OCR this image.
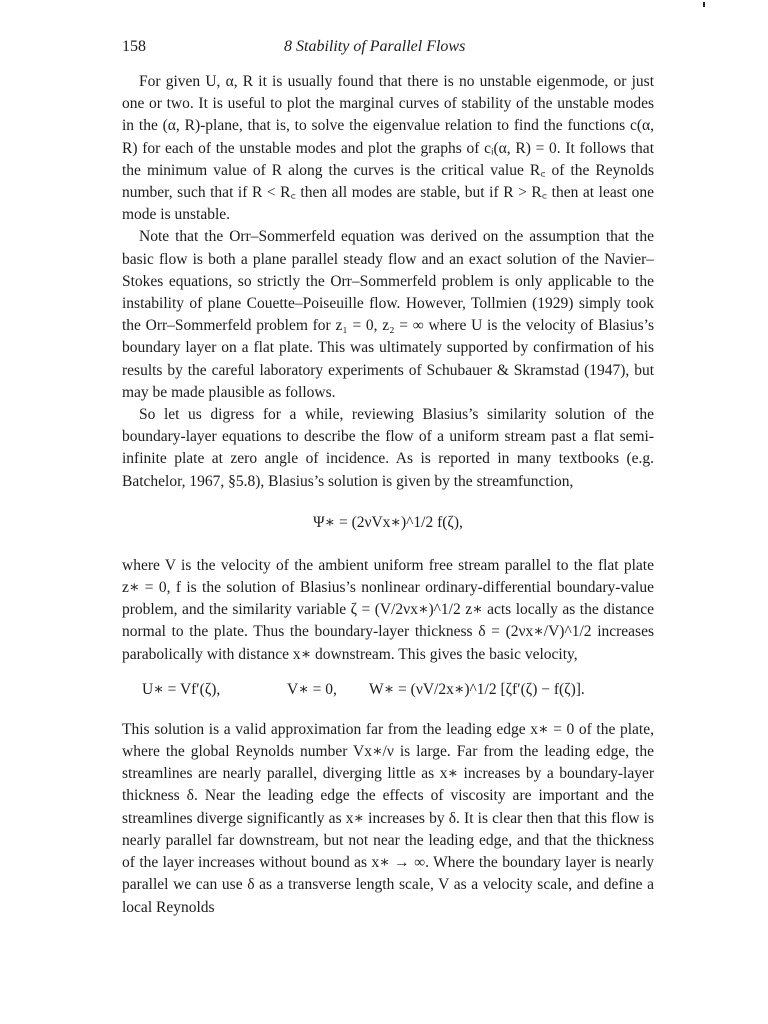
158	8 Stability of Parallel Flows

For given U, α, R it is usually found that there is no unstable eigenmode, or just one or two. It is useful to plot the marginal curves of stability of the unstable modes in the (α, R)-plane, that is, to solve the eigenvalue relation to find the functions c(α, R) for each of the unstable modes and plot the graphs of cᵢ(α, R) = 0. It follows that the minimum value of R along the curves is the critical value R꜀ of the Reynolds number, such that if R < R꜀ then all modes are stable, but if R > R꜀ then at least one mode is unstable.

Note that the Orr–Sommerfeld equation was derived on the assumption that the basic flow is both a plane parallel steady flow and an exact solution of the Navier–Stokes equations, so strictly the Orr–Sommerfeld problem is only applicable to the instability of plane Couette–Poiseuille flow. However, Tollmien (1929) simply took the Orr–Sommerfeld problem for z₁ = 0, z₂ = ∞ where U is the velocity of Blasius’s boundary layer on a flat plate. This was ultimately supported by confirmation of his results by the careful laboratory experiments of Schubauer & Skramstad (1947), but may be made plausible as follows.

So let us digress for a while, reviewing Blasius’s similarity solution of the boundary-layer equations to describe the flow of a uniform stream past a flat semi-infinite plate at zero angle of incidence. As is reported in many textbooks (e.g. Batchelor, 1967, §5.8), Blasius’s solution is given by the streamfunction,

Ψ∗ = (2νVx∗)^1/2 f(ζ),

where V is the velocity of the ambient uniform free stream parallel to the flat plate z∗ = 0, f is the solution of Blasius’s nonlinear ordinary-differential boundary-value problem, and the similarity variable ζ = (V/2νx∗)^1/2 z∗ acts locally as the distance normal to the plate. Thus the boundary-layer thickness δ = (2νx∗/V)^1/2 increases parabolically with distance x∗ downstream. This gives the basic velocity,

U∗ = Vf′(ζ),	V∗ = 0, W∗ = (νV/2x∗)^1/2 [ζf′(ζ) − f(ζ)].

This solution is a valid approximation far from the leading edge x∗ = 0 of the plate, where the global Reynolds number Vx∗/ν is large. Far from the leading edge, the streamlines are nearly parallel, diverging little as x∗ increases by a boundary-layer thickness δ. Near the leading edge the effects of viscosity are important and the streamlines diverge significantly as x∗ increases by δ. It is clear then that this flow is nearly parallel far downstream, but not near the leading edge, and that the thickness of the layer increases without bound as x∗ → ∞. Where the boundary layer is nearly parallel we can use δ as a transverse length scale, V as a velocity scale, and define a local Reynolds
